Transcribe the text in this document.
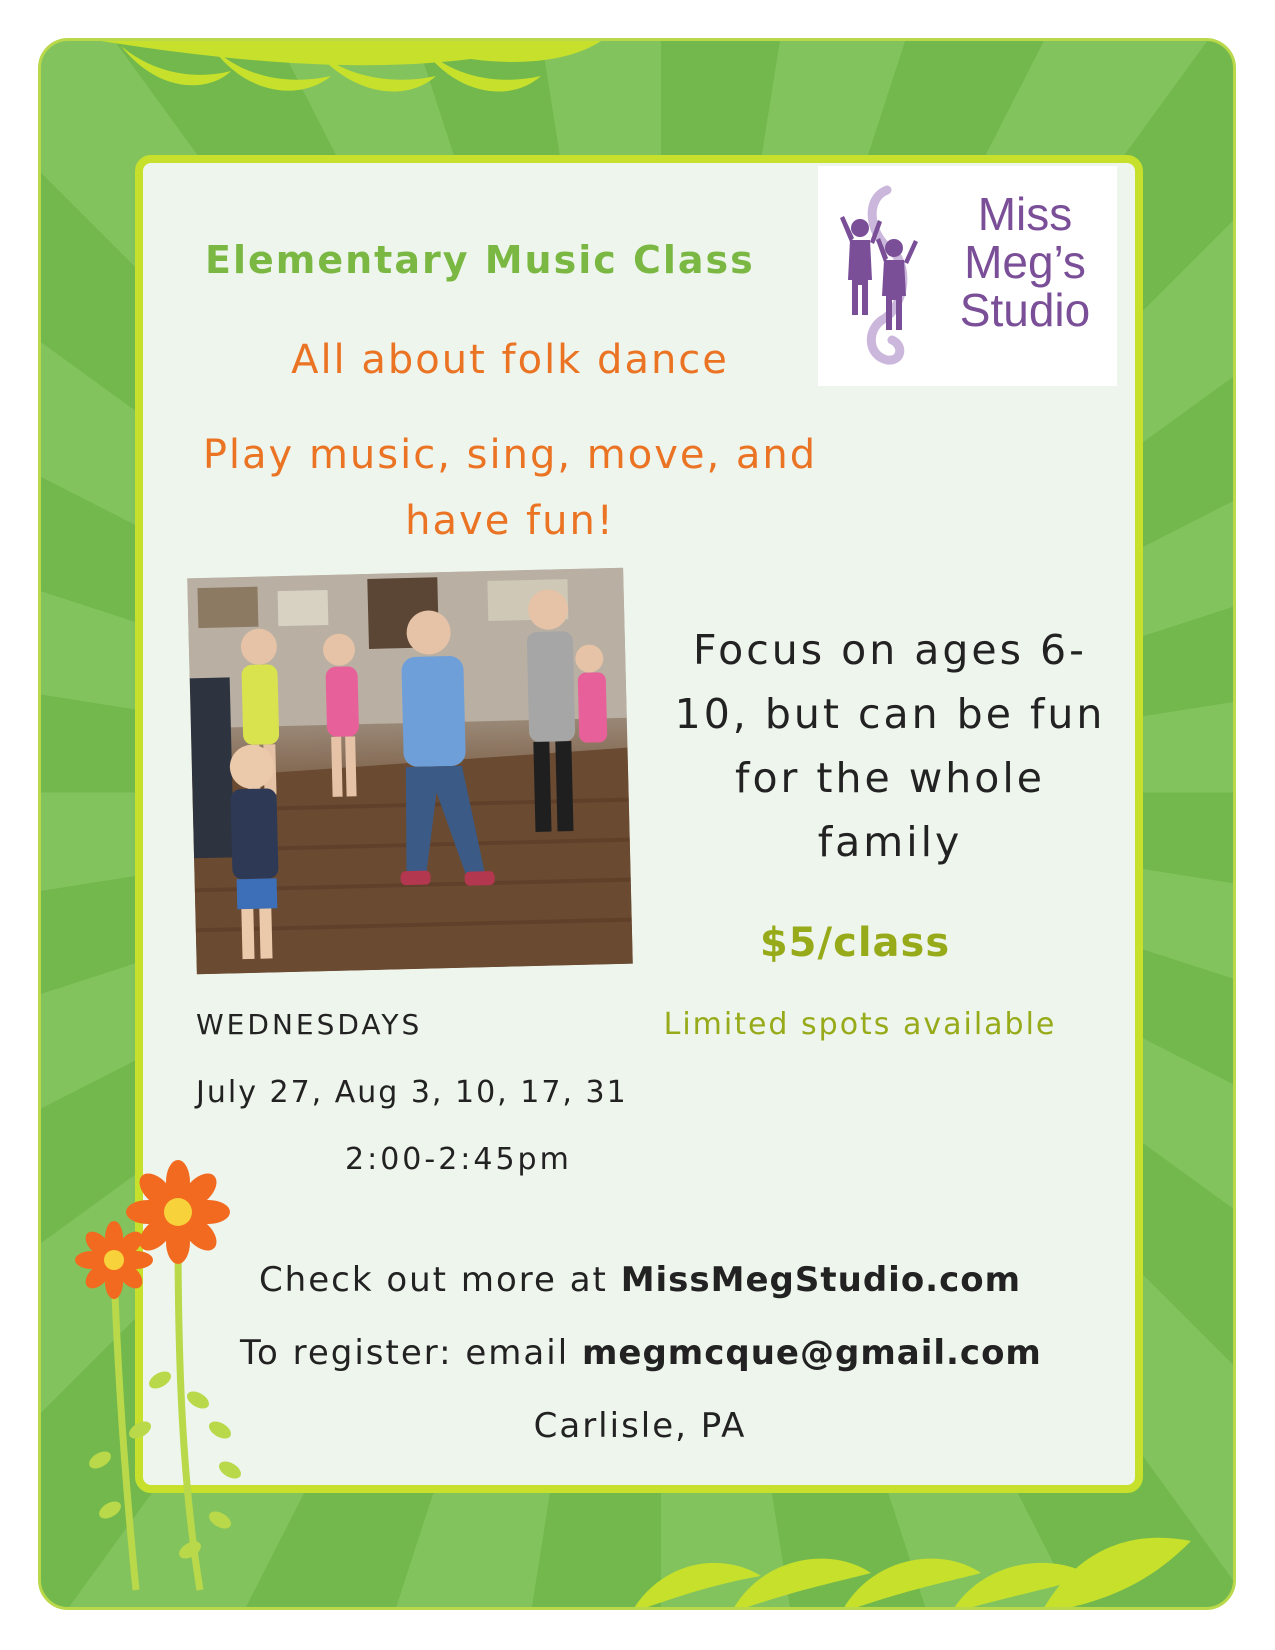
Miss Meg’s Studio

Elementary Music Class

All about folk dance

Play music, sing, move, and have fun!

Focus on ages 6-10, but can be fun for the whole family

$5/class

Limited spots available

WEDNESDAYS

July 27, Aug 3, 10, 17, 31

2:00-2:45pm

Check out more at MissMegStudio.com

To register: email megmcque@gmail.com

Carlisle, PA
